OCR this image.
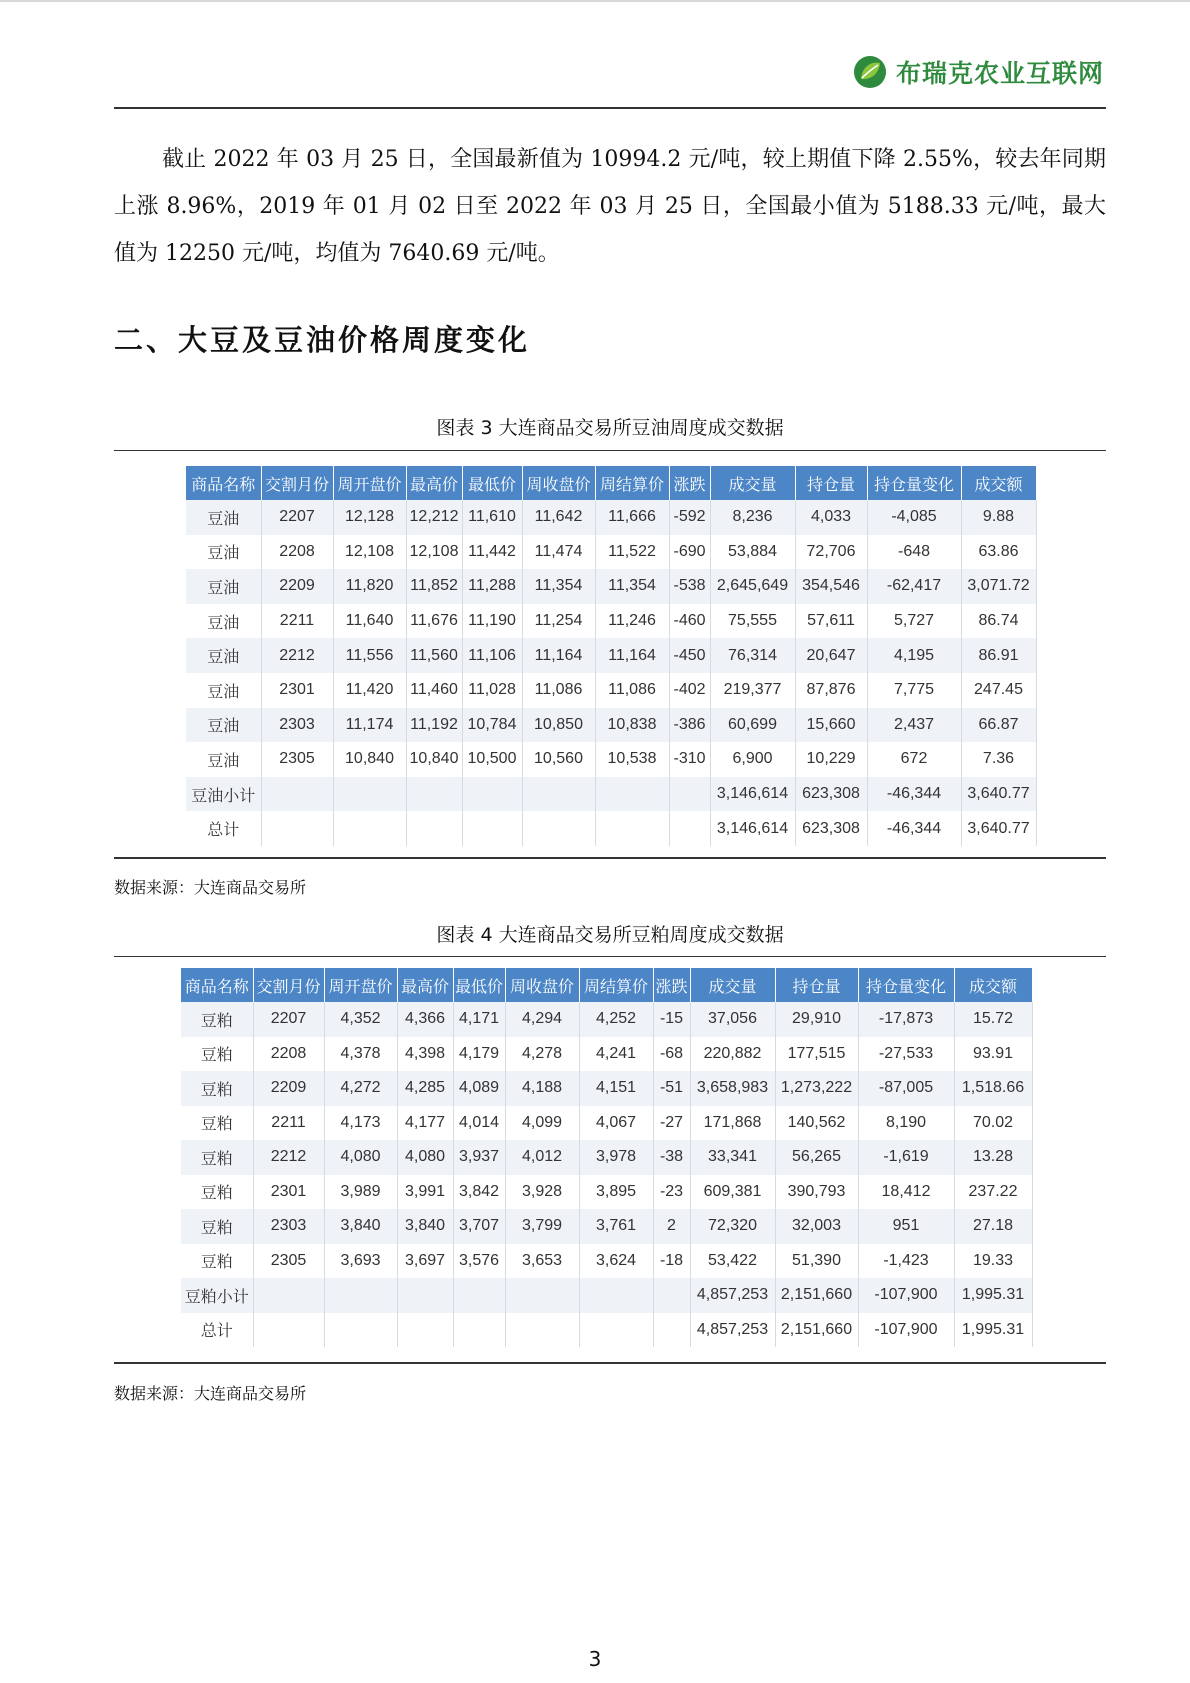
布瑞克农业互联网

截止 2022 年 03 月 25 日，全国最新值为 10994.2 元/吨，较上期值下降 2.55%，较去年同期上涨 8.96%，2019 年 01 月 02 日至 2022 年 03 月 25 日，全国最小值为 5188.33 元/吨，最大值为 12250 元/吨，均值为 7640.69 元/吨。

二、大豆及豆油价格周度变化
图表 3 大连商品交易所豆油周度成交数据
商品名称	交割月份	周开盘价	最高价	最低价	周收盘价	周结算价	涨跌	成交量	持仓量	持仓量变化	成交额
豆油	2207	12,128	12,212	11,610	11,642	11,666	-592	8,236	4,033	-4,085	9.88
豆油	2208	12,108	12,108	11,442	11,474	11,522	-690	53,884	72,706	-648	63.86
豆油	2209	11,820	11,852	11,288	11,354	11,354	-538	2,645,649	354,546	-62,417	3,071.72
豆油	2211	11,640	11,676	11,190	11,254	11,246	-460	75,555	57,611	5,727	86.74
豆油	2212	11,556	11,560	11,106	11,164	11,164	-450	76,314	20,647	4,195	86.91
豆油	2301	11,420	11,460	11,028	11,086	11,086	-402	219,377	87,876	7,775	247.45
豆油	2303	11,174	11,192	10,784	10,850	10,838	-386	60,699	15,660	2,437	66.87
豆油	2305	10,840	10,840	10,500	10,560	10,538	-310	6,900	10,229	672	7.36
豆油小计								3,146,614	623,308	-46,344	3,640.77
总计								3,146,614	623,308	-46,344	3,640.77
数据来源：大连商品交易所
图表 4 大连商品交易所豆粕周度成交数据
商品名称	交割月份	周开盘价	最高价	最低价	周收盘价	周结算价	涨跌	成交量	持仓量	持仓量变化	成交额
豆粕	2207	4,352	4,366	4,171	4,294	4,252	-15	37,056	29,910	-17,873	15.72
豆粕	2208	4,378	4,398	4,179	4,278	4,241	-68	220,882	177,515	-27,533	93.91
豆粕	2209	4,272	4,285	4,089	4,188	4,151	-51	3,658,983	1,273,222	-87,005	1,518.66
豆粕	2211	4,173	4,177	4,014	4,099	4,067	-27	171,868	140,562	8,190	70.02
豆粕	2212	4,080	4,080	3,937	4,012	3,978	-38	33,341	56,265	-1,619	13.28
豆粕	2301	3,989	3,991	3,842	3,928	3,895	-23	609,381	390,793	18,412	237.22
豆粕	2303	3,840	3,840	3,707	3,799	3,761	2	72,320	32,003	951	27.18
豆粕	2305	3,693	3,697	3,576	3,653	3,624	-18	53,422	51,390	-1,423	19.33
豆粕小计								4,857,253	2,151,660	-107,900	1,995.31
总计								4,857,253	2,151,660	-107,900	1,995.31
数据来源：大连商品交易所
3
